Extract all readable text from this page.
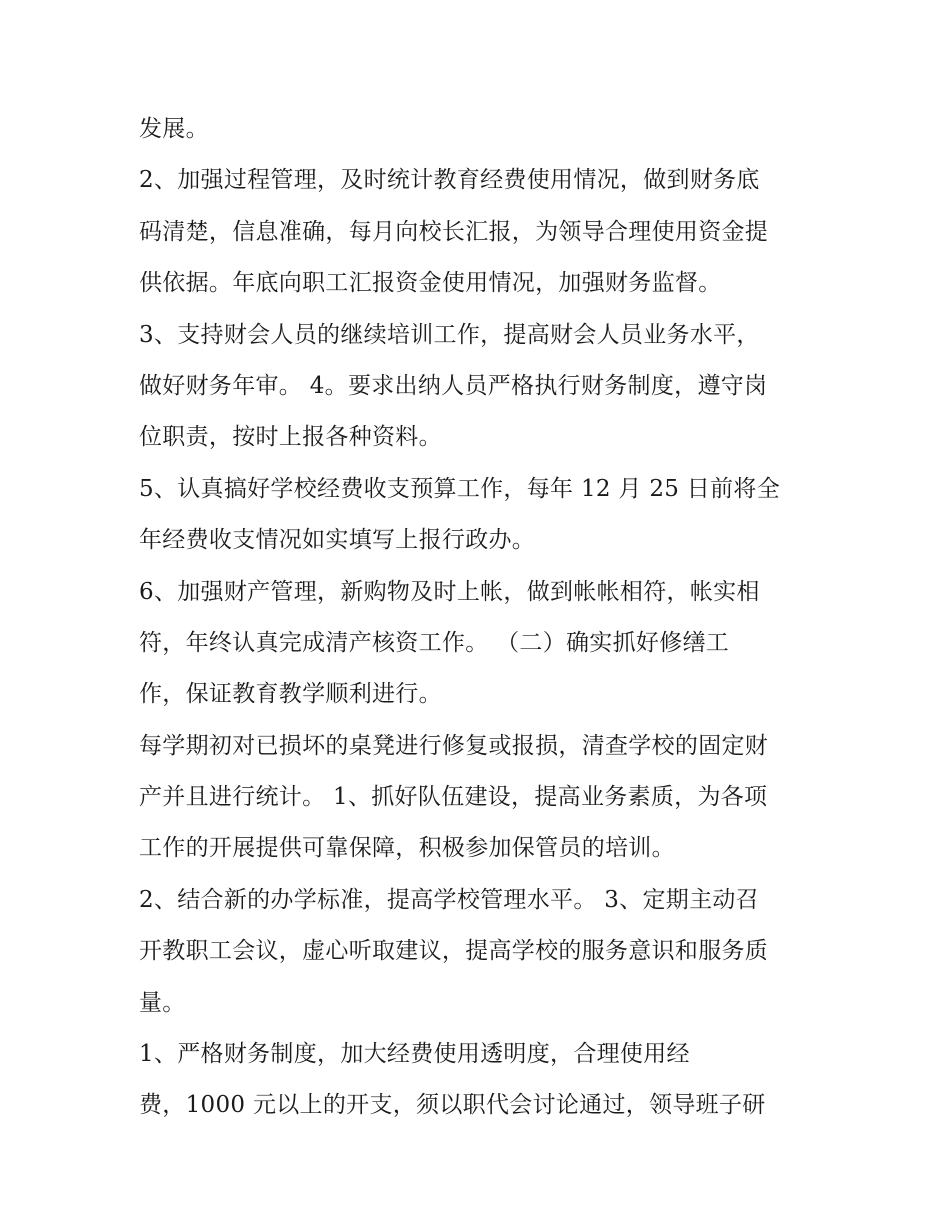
发展。
2、加强过程管理，及时统计教育经费使用情况，做到财务底
码清楚，信息准确，每月向校长汇报，为领导合理使用资金提
供依据。年底向职工汇报资金使用情况，加强财务监督。
3、支持财会人员的继续培训工作，提高财会人员业务水平，
做好财务年审。 4。要求出纳人员严格执行财务制度，遵守岗
位职责，按时上报各种资料。
5、认真搞好学校经费收支预算工作，每年 12 月 25 日前将全
年经费收支情况如实填写上报行政办。
6、加强财产管理，新购物及时上帐，做到帐帐相符，帐实相
符，年终认真完成清产核资工作。 （二）确实抓好修缮工
作，保证教育教学顺利进行。
每学期初对已损坏的桌凳进行修复或报损，清查学校的固定财
产并且进行统计。 1、抓好队伍建设，提高业务素质，为各项
工作的开展提供可靠保障，积极参加保管员的培训。
2、结合新的办学标准，提高学校管理水平。 3、定期主动召
开教职工会议，虚心听取建议，提高学校的服务意识和服务质
量。
1、严格财务制度，加大经费使用透明度，合理使用经
费，1000 元以上的开支，须以职代会讨论通过，领导班子研
